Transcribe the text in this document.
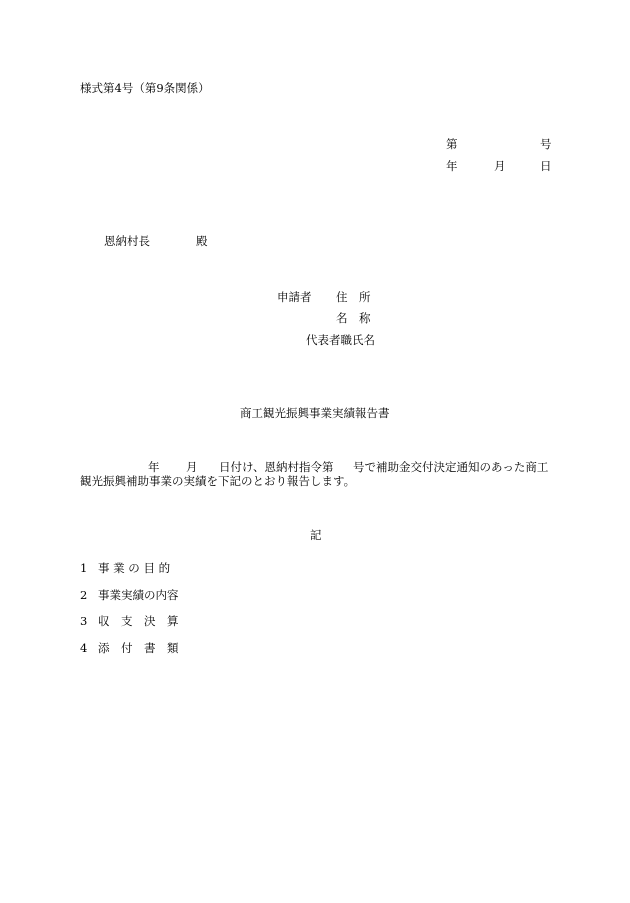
様式第4号（第9条関係）
第	号
年	月	日
恩納村長	殿
申請者 住　所
名　称
代表者職氏名
商工観光振興事業実績報告書
年 月 日付け、恩納村指令第 号で補助金交付決定通知のあった商工
観光振興補助事業の実績を下記のとおり報告します。
記
1 事 業 の 目 的
2 事業実績の内容
3 収　支　決　算
4 添　付　書　類
